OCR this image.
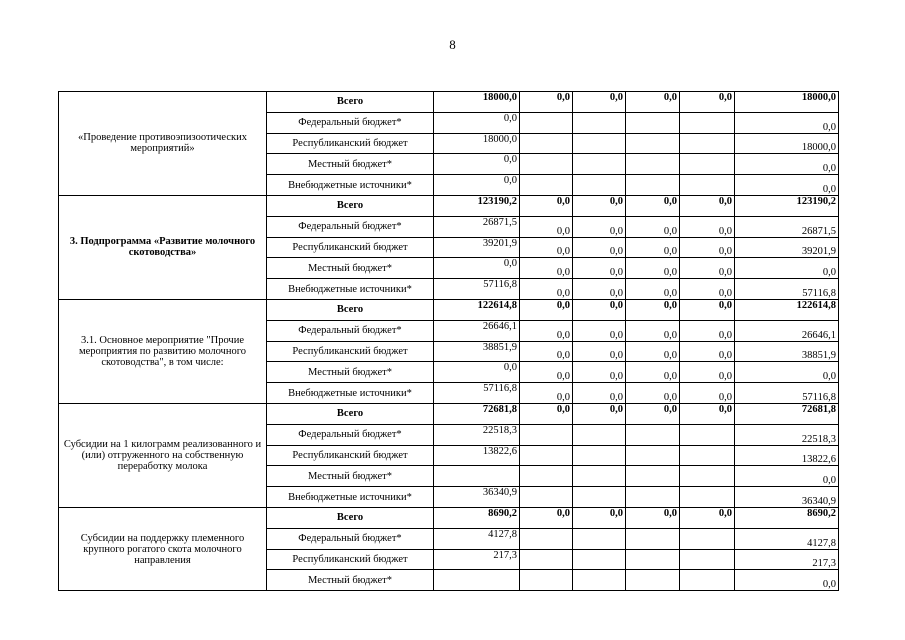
8
«Проведение противоэпизоотических мероприятий»	Всего	18000,0	0,0	0,0	0,0	0,0	18000,0
	Федеральный бюджет*	0,0					0,0
	Республиканский бюджет	18000,0					18000,0
	Местный бюджет*	0,0					0,0
	Внебюджетные источники*	0,0					0,0
3. Подпрограмма «Развитие молочного скотоводства»	Всего	123190,2	0,0	0,0	0,0	0,0	123190,2
	Федеральный бюджет*	26871,5	0,0	0,0	0,0	0,0	26871,5
	Республиканский бюджет	39201,9	0,0	0,0	0,0	0,0	39201,9
	Местный бюджет*	0,0	0,0	0,0	0,0	0,0	0,0
	Внебюджетные источники*	57116,8	0,0	0,0	0,0	0,0	57116,8
3.1. Основное мероприятие "Прочие мероприятия по развитию молочного скотоводства", в том числе:	Всего	122614,8	0,0	0,0	0,0	0,0	122614,8
	Федеральный бюджет*	26646,1	0,0	0,0	0,0	0,0	26646,1
	Республиканский бюджет	38851,9	0,0	0,0	0,0	0,0	38851,9
	Местный бюджет*	0,0	0,0	0,0	0,0	0,0	0,0
	Внебюджетные источники*	57116,8	0,0	0,0	0,0	0,0	57116,8
Субсидии на 1 килограмм реализованного и (или) отгруженного на собственную переработку молока	Всего	72681,8	0,0	0,0	0,0	0,0	72681,8
	Федеральный бюджет*	22518,3					22518,3
	Республиканский бюджет	13822,6					13822,6
	Местный бюджет*						0,0
	Внебюджетные источники*	36340,9					36340,9
Субсидии на поддержку племенного крупного рогатого скота молочного направления	Всего	8690,2	0,0	0,0	0,0	0,0	8690,2
	Федеральный бюджет*	4127,8					4127,8
	Республиканский бюджет	217,3					217,3
	Местный бюджет*						0,0
